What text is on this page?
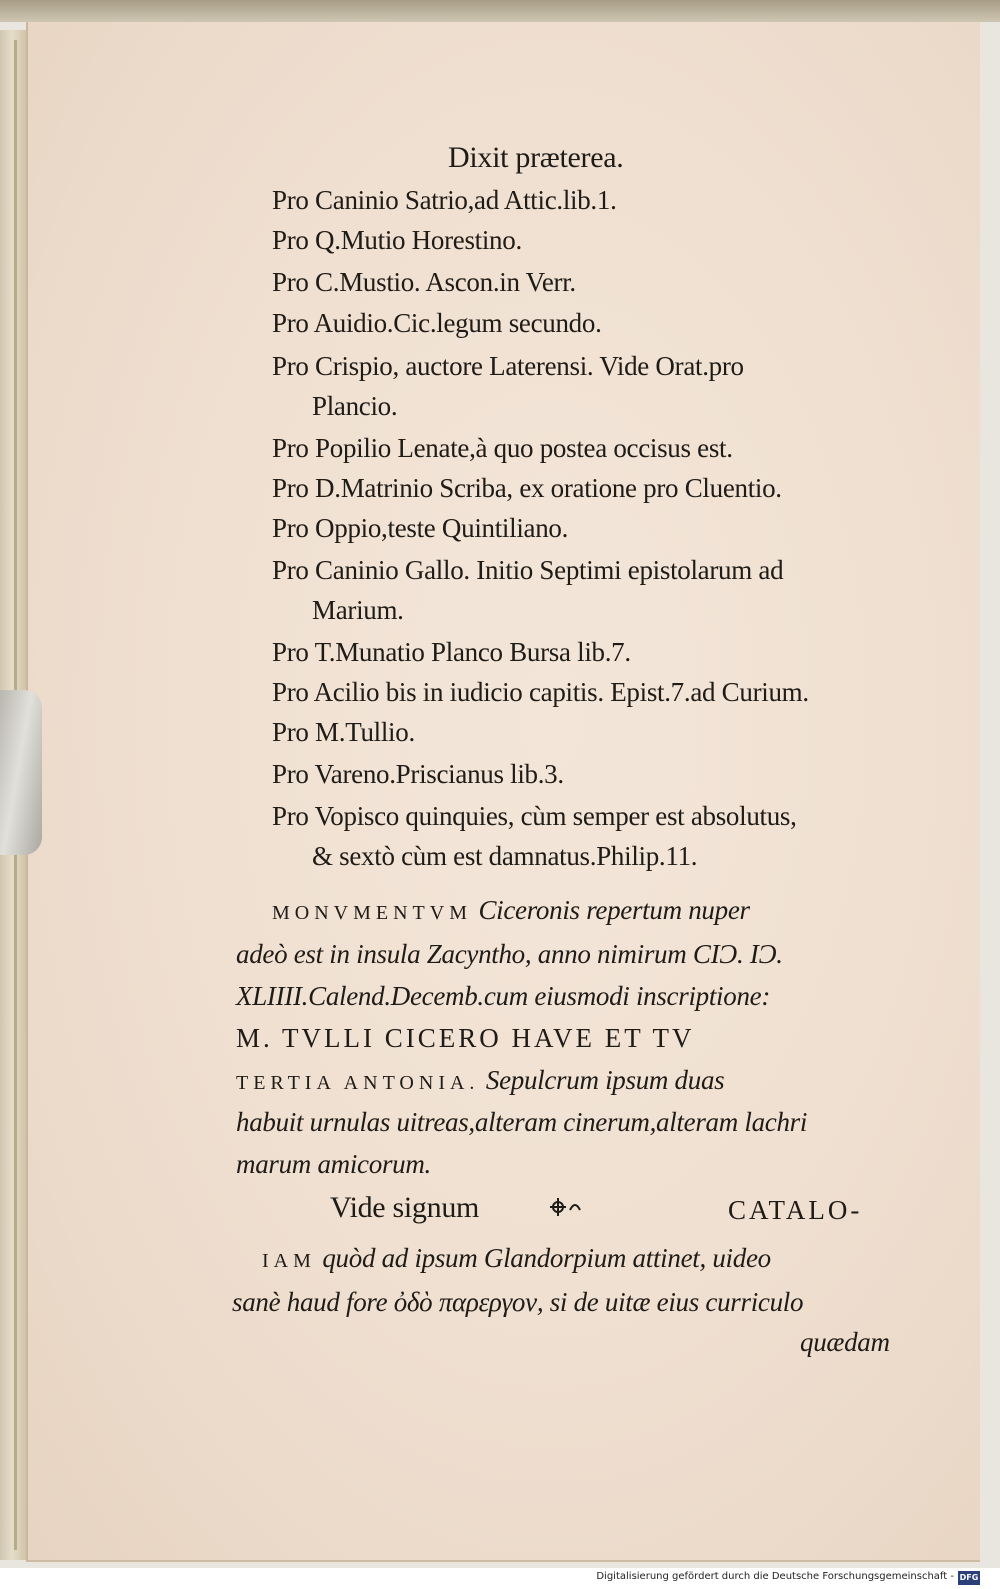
Dixit præterea.
Pro Caninio Satrio,ad Attic.lib.1.
Pro Q.Mutio Horestino.
Pro C.Mustio. Ascon.in Verr.
Pro Auidio.Cic.legum secundo.
Pro Crispio, auctore Laterensi. Vide Orat.pro
Plancio.
Pro Popilio Lenate,à quo postea occisus est.
Pro D.Matrinio Scriba, ex oratione pro Cluentio.
Pro Oppio,teste Quintiliano.
Pro Caninio Gallo. Initio Septimi epistolarum ad
Marium.
Pro T.Munatio Planco Bursa lib.7.
Pro Acilio bis in iudicio capitis. Epist.7.ad Curium.
Pro M.Tullio.
Pro Vareno.Priscianus lib.3.
Pro Vopisco quinquies, cùm semper est absolutus,
& sextò cùm est damnatus.Philip.11.
MONVMENTVM Ciceronis repertum nuper
adeò est in insula Zacyntho, anno nimirum CIƆ. IƆ.
XLIIII.Calend.Decemb.cum eiusmodi inscriptione:
M. TVLLI CICERO HAVE ET TV
TERTIA ANTONIA. Sepulcrum ipsum duas
habuit urnulas uitreas,alteram cinerum,alteram lachri
marum amicorum.
Vide signum	CATALO-
IAM quòd ad ipsum Glandorpium attinet, uideo
sanè haud fore ὀδὸ παρεργον, si de uitæ eius curriculo
quædam
Digitalisierung gefördert durch die Deutsche Forschungsgemeinschaft - DFG
